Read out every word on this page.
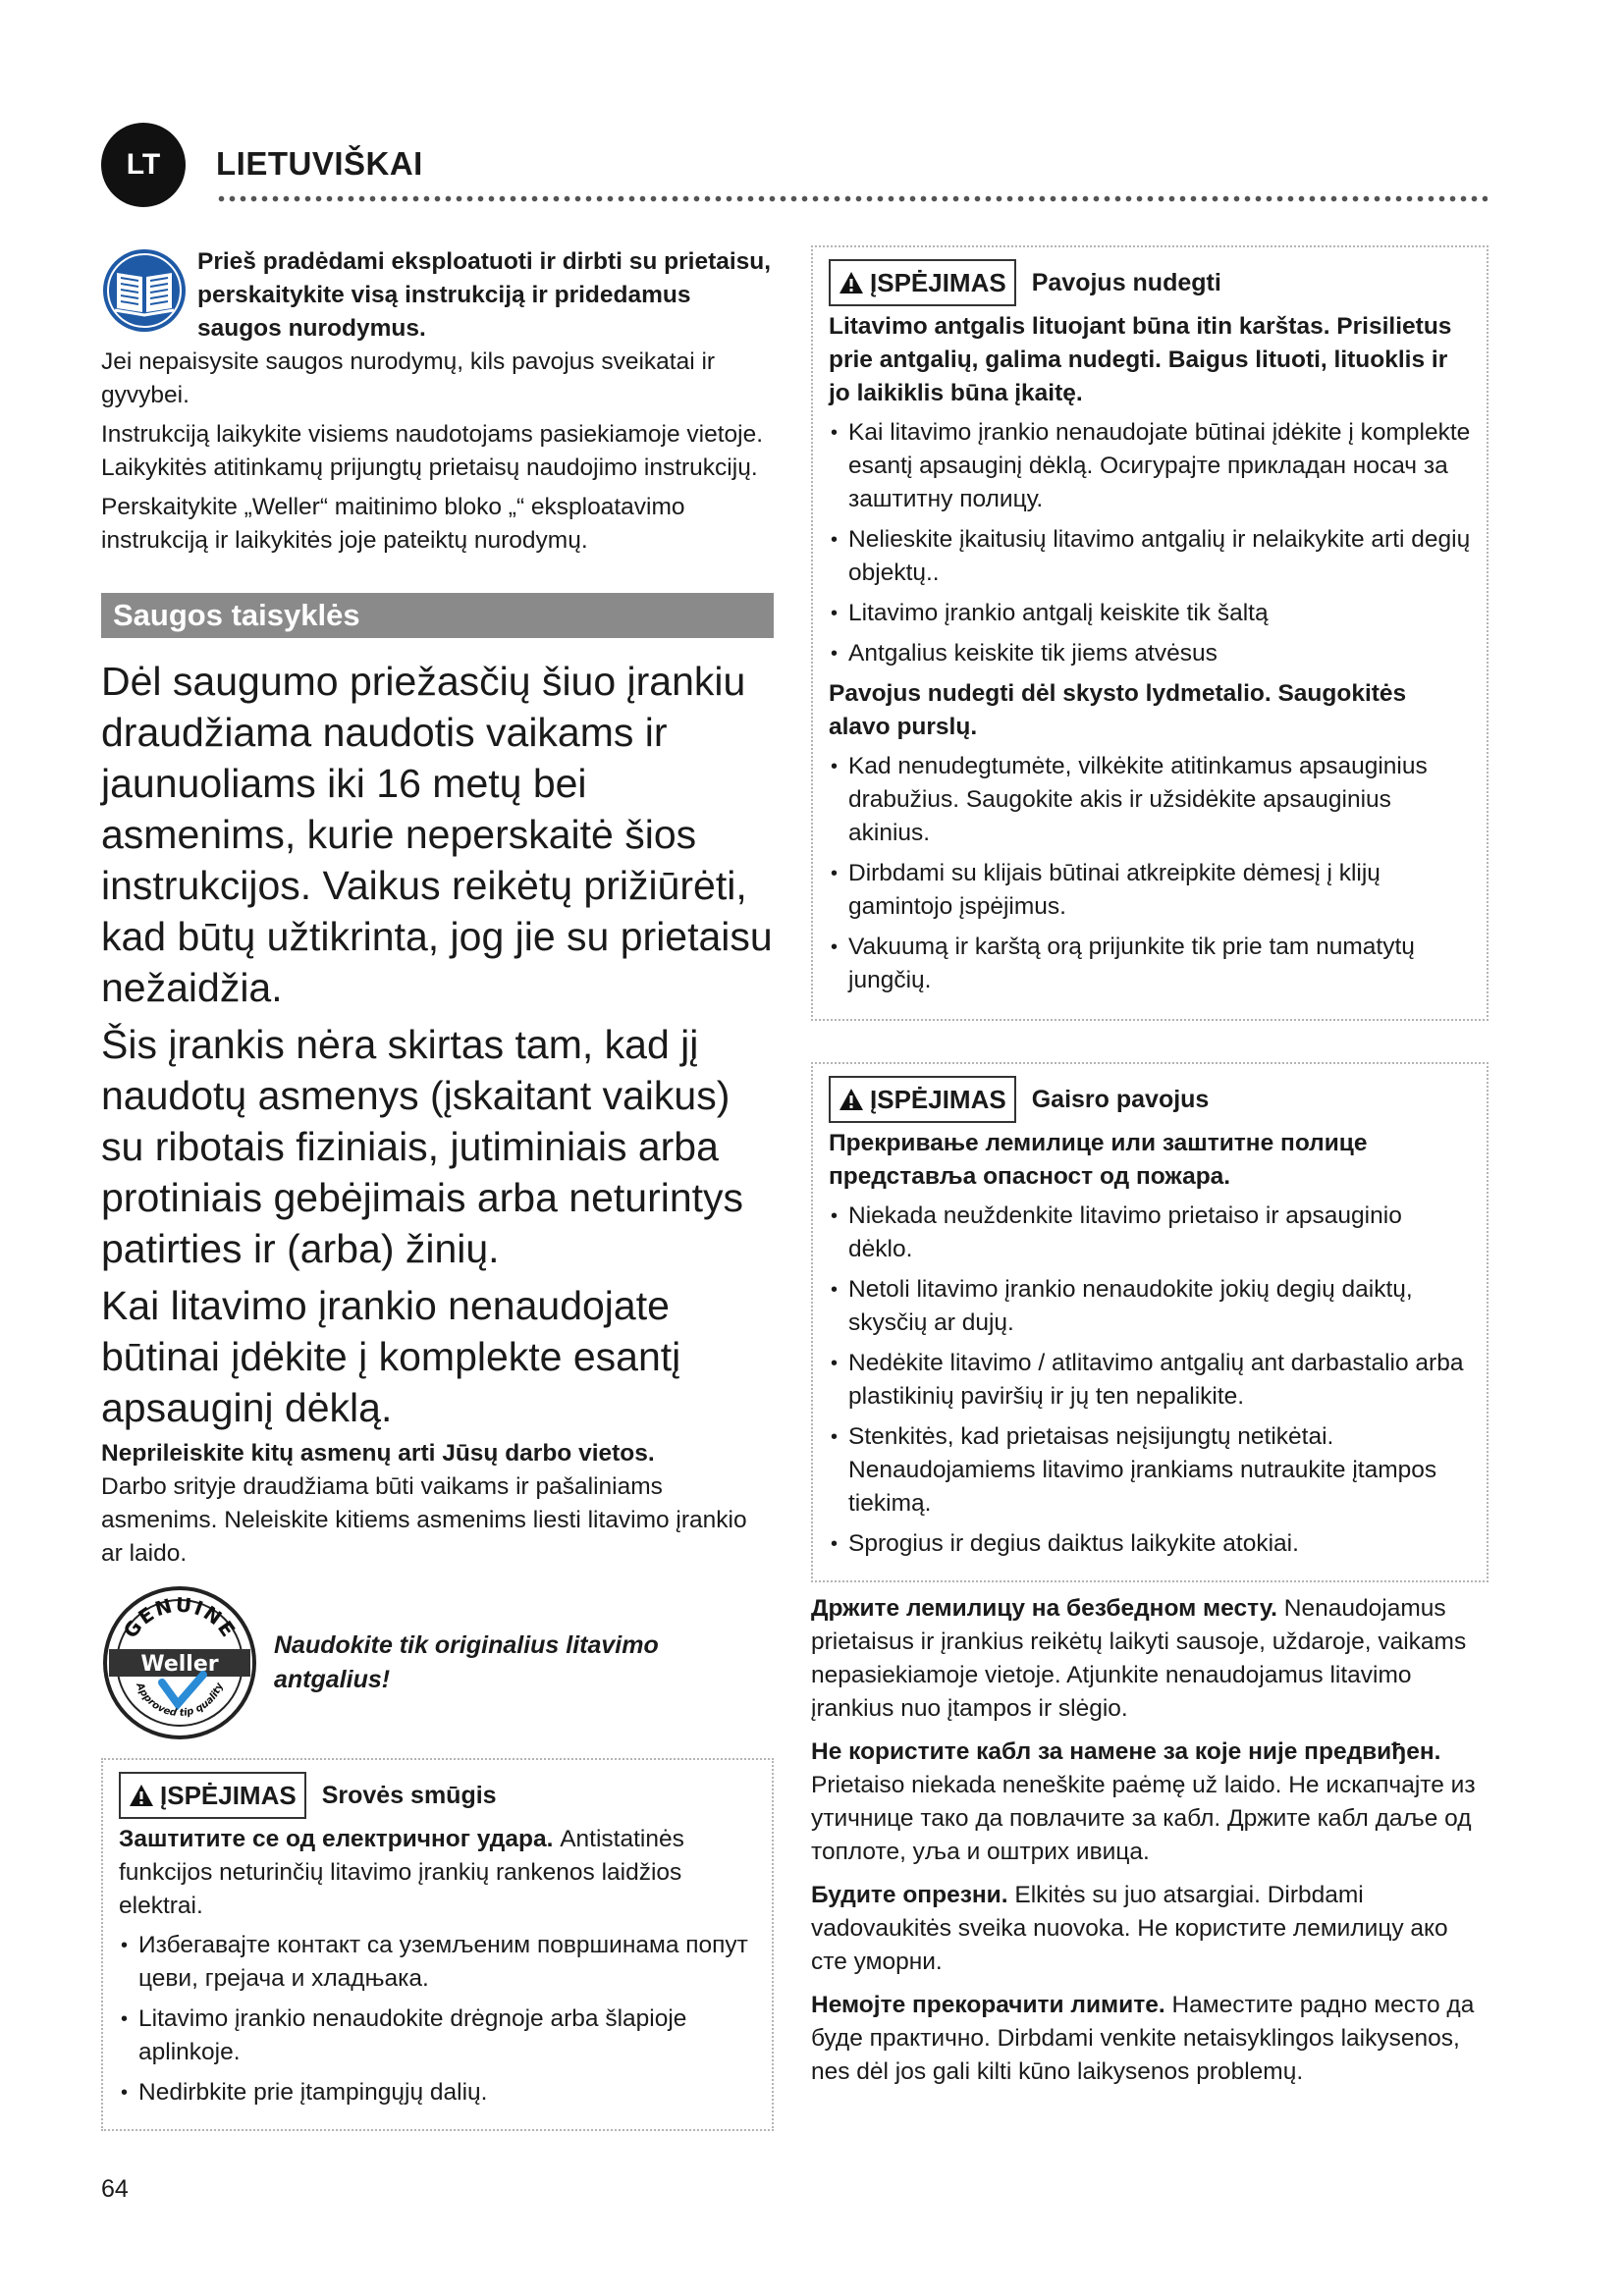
LT LIETUVIŠKAI
Prieš pradėdami eksploatuoti ir dirbti su prietaisu, perskaitykite visą instrukciją ir pridedamus saugos nurodymus.

Jei nepaisysite saugos nurodymų, kils pavojus sveikatai ir gyvybei.

Instrukciją laikykite visiems naudotojams pasiekiamoje vietoje. Laikykitės atitinkamų prijungtų prietaisų naudojimo instrukcijų.

Perskaitykite „Weller“ maitinimo bloko „“ eksploatavimo instrukciją ir laikykitės joje pateiktų nurodymų.

Saugos taisyklės

Dėl saugumo priežasčių šiuo įrankiu draudžiama naudotis vaikams ir jaunuoliams iki 16 metų bei asmenims, kurie neperskaitė šios instrukcijos. Vaikus reikėtų prižiūrėti, kad būtų užtikrinta, jog jie su prietaisu nežaidžia.

Šis įrankis nėra skirtas tam, kad jį naudotų asmenys (įskaitant vaikus) su ribotais fiziniais, jutiminiais arba protiniais gebėjimais arba neturintys patirties ir (arba) žinių.

Kai litavimo įrankio nenaudojate būtinai įdėkite į komplekte esantį apsauginį dėklą.

Neprileiskite kitų asmenų arti Jūsų darbo vietos.

Darbo srityje draudžiama būti vaikams ir pašaliniams asmenims. Neleiskite kitiems asmenims liesti litavimo įrankio ar laido.

GENUINE
Weller
Approved tip quality
Naudokite tik originalius litavimo antgalius!
ĮSPĖJIMAS Srovės smūgis
Заштитите се од електричног удара. Antistatinės funkcijos neturinčių litavimo įrankių rankenos laidžios elektrai.
• Избегавајте контакт са уземљеним површинама попут цеви, грејача и хладњака.
• Litavimo įrankio nenaudokite drėgnoje arba šlapioje aplinkoje.
• Nedirbkite prie įtampingųjų dalių.
ĮSPĖJIMAS Pavojus nudegti
Litavimo antgalis lituojant būna itin karštas. Prisilietus prie antgalių, galima nudegti. Baigus lituoti, lituoklis ir jo laikiklis būna įkaitę.
• Kai litavimo įrankio nenaudojate būtinai įdėkite į komplekte esantį apsauginį dėklą. Осигурајте прикладан носач за заштитну полицу.
• Nelieskite įkaitusių litavimo antgalių ir nelaikykite arti degių objektų..
• Litavimo įrankio antgalį keiskite tik šaltą
• Antgalius keiskite tik jiems atvėsus
Pavojus nudegti dėl skysto lydmetalio. Saugokitės alavo purslų.
• Kad nenudegtumėte, vilkėkite atitinkamus apsauginius drabužius. Saugokite akis ir užsidėkite apsauginius akinius.
• Dirbdami su klijais būtinai atkreipkite dėmesį į klijų gamintojo įspėjimus.
• Vakuumą ir karštą orą prijunkite tik prie tam numatytų jungčių.
ĮSPĖJIMAS Gaisro pavojus
Прекривање лемилице или заштитне полице представља опасност од пожара.
• Niekada neuždenkite litavimo prietaiso ir apsauginio dėklo.
• Netoli litavimo įrankio nenaudokite jokių degių daiktų, skysčių ar dujų.
• Nedėkite litavimo / atlitavimo antgalių ant darbastalio arba plastikinių paviršių ir jų ten nepalikite.
• Stenkitės, kad prietaisas neįsijungtų netikėtai. Nenaudojamiems litavimo įrankiams nutraukite įtampos tiekimą.
• Sprogius ir degius daiktus laikykite atokiai.

Држите лемилицу на безбедном месту. Nenaudojamus prietaisus ir įrankius reikėtų laikyti sausoje, uždaroje, vaikams nepasiekiamoje vietoje. Atjunkite nenaudojamus litavimo įrankius nuo įtampos ir slėgio.

Не користите кабл за намене за које није предвиђен. Prietaiso niekada neneškite paėmę už laido. Не искапчајте из утичнице тако да повлачите за кабл. Држите кабл даље од топлоте, уља и оштрих ивица.

Будите опрезни. Elkitės su juo atsargiai. Dirbdami vadovaukitės sveika nuovoka. Не користите лемилицу ако сте уморни.

Немојте прекорачити лимите. Наместите радно место да буде практично. Dirbdami venkite netaisyklingos laikysenos, nes dėl jos gali kilti kūno laikysenos problemų.

64
